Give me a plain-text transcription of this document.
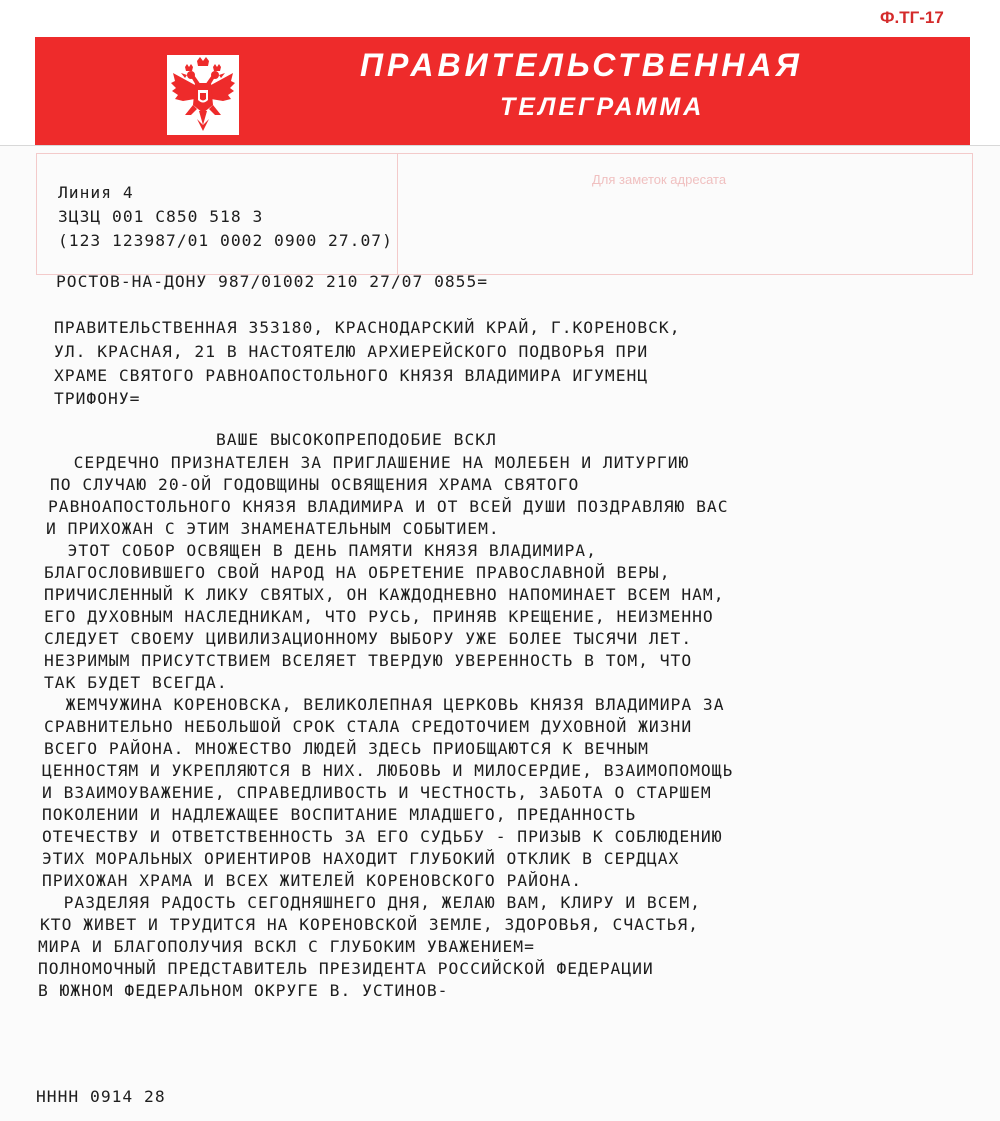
Ф.ТГ-17
ПРАВИТЕЛЬСТВЕННАЯ
ТЕЛЕГРАММА
Для заметок адресата
Линия 4
ЗЦЗЦ 001 С850 518 3
(123 123987/01 0002 0900 27.07)
РОСТОВ-НА-ДОНУ 987/01002 210 27/07 0855=
ПРАВИТЕЛЬСТВЕННАЯ 353180, КРАСНОДАРСКИЙ КРАЙ, Г.КОРЕНОВСК,
УЛ. КРАСНАЯ, 21 В НАСТОЯТЕЛЮ АРХИЕРЕЙСКОГО ПОДВОРЬЯ ПРИ
ХРАМЕ СВЯТОГО РАВНОАПОСТОЛЬНОГО КНЯЗЯ ВЛАДИМИРА ИГУМЕНЦ
ТРИФОНУ=
ВАШЕ ВЫСОКОПРЕПОДОБИЕ ВСКЛ
СЕРДЕЧНО ПРИЗНАТЕЛЕН ЗА ПРИГЛАШЕНИЕ НА МОЛЕБЕН И ЛИТУРГИЮ
ПО СЛУЧАЮ 20-ОЙ ГОДОВЩИНЫ ОСВЯЩЕНИЯ ХРАМА СВЯТОГО
РАВНОАПОСТОЛЬНОГО КНЯЗЯ ВЛАДИМИРА И ОТ ВСЕЙ ДУШИ ПОЗДРАВЛЯЮ ВАС
И ПРИХОЖАН С ЭТИМ ЗНАМЕНАТЕЛЬНЫМ СОБЫТИЕМ.
ЭТОТ СОБОР ОСВЯЩЕН В ДЕНЬ ПАМЯТИ КНЯЗЯ ВЛАДИМИРА,
БЛАГОСЛОВИВШЕГО СВОЙ НАРОД НА ОБРЕТЕНИЕ ПРАВОСЛАВНОЙ ВЕРЫ,
ПРИЧИСЛЕННЫЙ К ЛИКУ СВЯТЫХ, ОН КАЖДОДНЕВНО НАПОМИНАЕТ ВСЕМ НАМ,
ЕГО ДУХОВНЫМ НАСЛЕДНИКАМ, ЧТО РУСЬ, ПРИНЯВ КРЕЩЕНИЕ, НЕИЗМЕННО
СЛЕДУЕТ СВОЕМУ ЦИВИЛИЗАЦИОННОМУ ВЫБОРУ УЖЕ БОЛЕЕ ТЫСЯЧИ ЛЕТ.
НЕЗРИМЫМ ПРИСУТСТВИЕМ ВСЕЛЯЕТ ТВЕРДУЮ УВЕРЕННОСТЬ В ТОМ, ЧТО
ТАК БУДЕТ ВСЕГДА.
ЖЕМЧУЖИНА КОРЕНОВСКА, ВЕЛИКОЛЕПНАЯ ЦЕРКОВЬ КНЯЗЯ ВЛАДИМИРА ЗА
СРАВНИТЕЛЬНО НЕБОЛЬШОЙ СРОК СТАЛА СРЕДОТОЧИЕМ ДУХОВНОЙ ЖИЗНИ
ВСЕГО РАЙОНА. МНОЖЕСТВО ЛЮДЕЙ ЗДЕСЬ ПРИОБЩАЮТСЯ К ВЕЧНЫМ
ЦЕННОСТЯМ И УКРЕПЛЯЮТСЯ В НИХ. ЛЮБОВЬ И МИЛОСЕРДИЕ, ВЗАИМОПОМОЩЬ
И ВЗАИМОУВАЖЕНИЕ, СПРАВЕДЛИВОСТЬ И ЧЕСТНОСТЬ, ЗАБОТА О СТАРШЕМ
ПОКОЛЕНИИ И НАДЛЕЖАЩЕЕ ВОСПИТАНИЕ МЛАДШЕГО, ПРЕДАННОСТЬ
ОТЕЧЕСТВУ И ОТВЕТСТВЕННОСТЬ ЗА ЕГО СУДЬБУ - ПРИЗЫВ К СОБЛЮДЕНИЮ
ЭТИХ МОРАЛЬНЫХ ОРИЕНТИРОВ НАХОДИТ ГЛУБОКИЙ ОТКЛИК В СЕРДЦАХ
ПРИХОЖАН ХРАМА И ВСЕХ ЖИТЕЛЕЙ КОРЕНОВСКОГО РАЙОНА.
РАЗДЕЛЯЯ РАДОСТЬ СЕГОДНЯШНЕГО ДНЯ, ЖЕЛАЮ ВАМ, КЛИРУ И ВСЕМ,
КТО ЖИВЕТ И ТРУДИТСЯ НА КОРЕНОВСКОЙ ЗЕМЛЕ, ЗДОРОВЬЯ, СЧАСТЬЯ,
МИРА И БЛАГОПОЛУЧИЯ ВСКЛ С ГЛУБОКИМ УВАЖЕНИЕМ=
ПОЛНОМОЧНЫЙ ПРЕДСТАВИТЕЛЬ ПРЕЗИДЕНТА РОССИЙСКОЙ ФЕДЕРАЦИИ
В ЮЖНОМ ФЕДЕРАЛЬНОМ ОКРУГЕ В. УСТИНОВ-
НННН 0914 28
